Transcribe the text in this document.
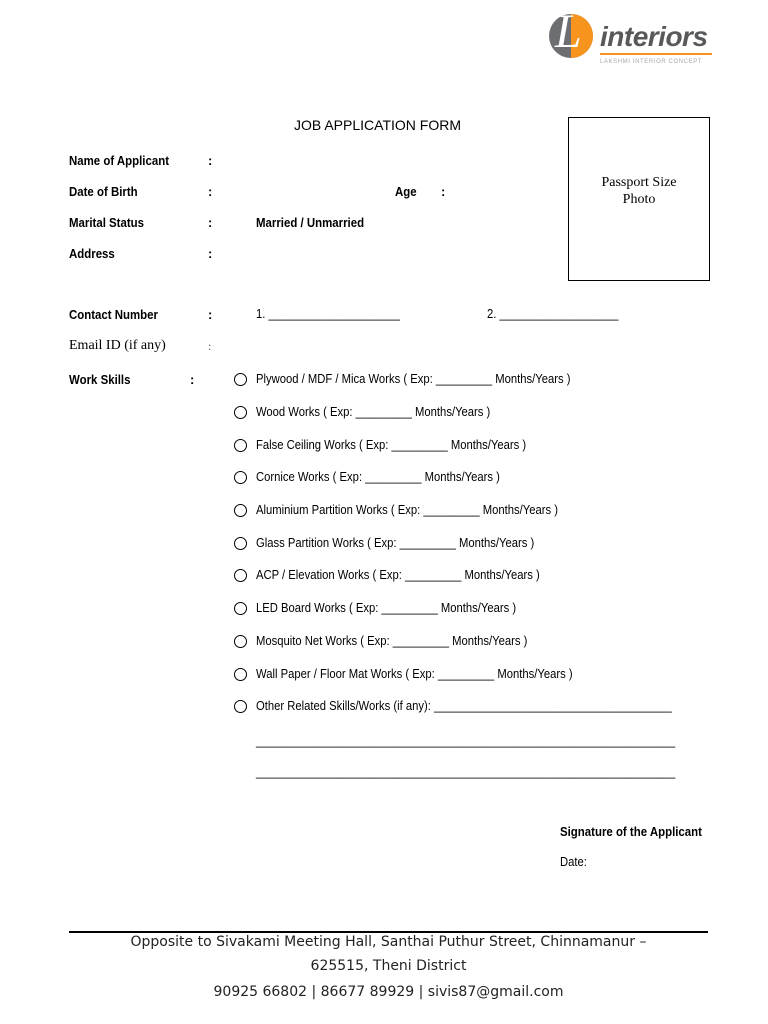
L interiors
LAKSHMI INTERIOR CONCEPT
JOB APPLICATION FORM
Passport Size
Photo
Name of Applicant	:
Date of Birth	:	Age :
Marital Status	:	Married / Unmarried
Address	:
Contact Number	:	1. _____________________	2. ___________________
Email ID (if any)	:
Work Skills	:	Plywood / MDF / Mica Works ( Exp: _________ Months/Years )
Wood Works ( Exp: _________ Months/Years )
False Ceiling Works ( Exp: _________ Months/Years )
Cornice Works ( Exp: _________ Months/Years )
Aluminium Partition Works ( Exp: _________ Months/Years )
Glass Partition Works ( Exp: _________ Months/Years )
ACP / Elevation Works ( Exp: _________ Months/Years )
LED Board Works ( Exp: _________ Months/Years )
Mosquito Net Works ( Exp: _________ Months/Years )
Wall Paper / Floor Mat Works ( Exp: _________ Months/Years )
Other Related Skills/Works (if any): ______________________________________
___________________________________________________________________
___________________________________________________________________
Signature of the Applicant
Date:
Opposite to Sivakami Meeting Hall, Santhai Puthur Street, Chinnamanur –
625515, Theni District
90925 66802 | 86677 89929 | sivis87@gmail.com
